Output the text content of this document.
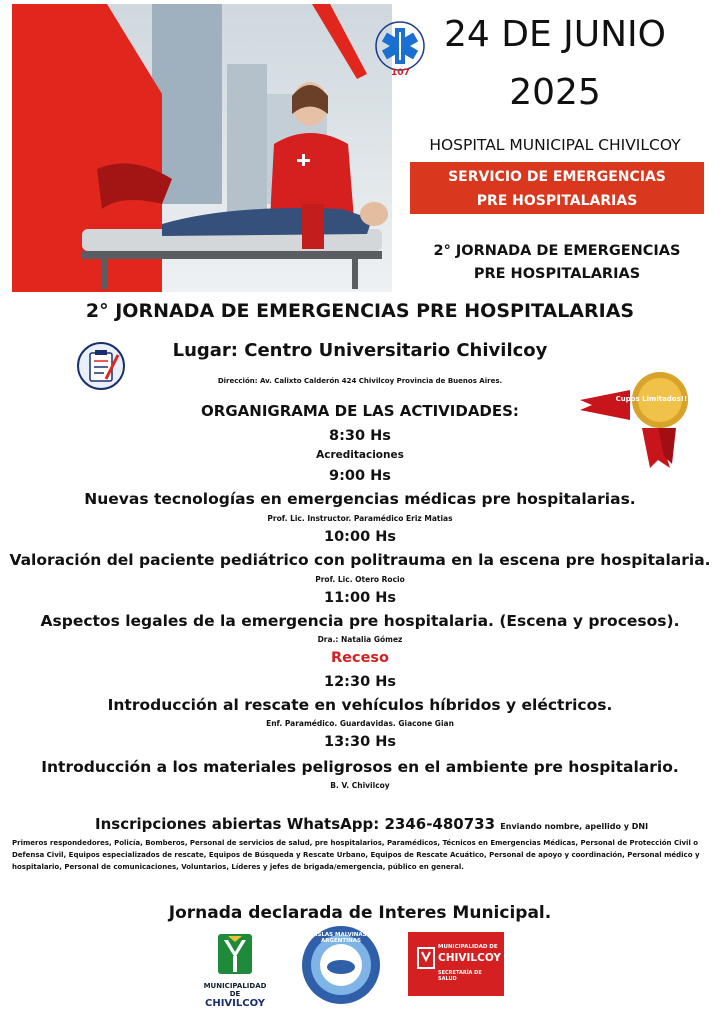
107
24 DE JUNIO
2025
HOSPITAL MUNICIPAL CHIVILCOY
SERVICIO DE EMERGENCIAS
PRE HOSPITALARIAS
2° JORNADA DE EMERGENCIAS
PRE HOSPITALARIAS
2° JORNADA DE EMERGENCIAS PRE HOSPITALARIAS
Lugar: Centro Universitario Chivilcoy
Dirección: Av. Calixto Calderón 424 Chivilcoy Provincia de Buenos Aires.
Cupos Limitados!!!
ORGANIGRAMA DE LAS ACTIVIDADES:
8:30 Hs
Acreditaciones
9:00 Hs
Nuevas tecnologías en emergencias médicas pre hospitalarias.
Prof. Lic. Instructor. Paramédico Eriz Matias
10:00 Hs
Valoración del paciente pediátrico con politrauma en la escena pre hospitalaria.
Prof. Lic. Otero Rocio
11:00 Hs
Aspectos legales de la emergencia pre hospitalaria. (Escena y procesos).
Dra.: Natalia Gómez
Receso
12:30 Hs
Introducción al rescate en vehículos híbridos y eléctricos.
Enf. Paramédico. Guardavidas. Giacone Gian
13:30 Hs
Introducción a los materiales peligrosos en el ambiente pre hospitalario.
B. V. Chivilcoy
Inscripciones abiertas WhatsApp: 2346-480733 Enviando nombre, apellido y DNI
Primeros respondedores, Policía, Bomberos, Personal de servicios de salud, pre hospitalarios, Paramédicos, Técnicos en Emergencias Médicas, Personal de Protección Civil o Defensa Civil, Equipos especializados de rescate, Equipos de Búsqueda y Rescate Urbano, Equipos de Rescate Acuático, Personal de apoyo y coordinación, Personal médico y hospitalario, Personal de comunicaciones, Voluntarios, Líderes y jefes de brigada/emergencia, público en general.
Jornada declarada de Interes Municipal.
MUNICIPALIDAD DE
CHIVILCOY
ISLAS MALVINAS ARGENTINAS
MUNICIPALIDAD DE
CHIVILCOY
SECRETARÍA DE SALUD
